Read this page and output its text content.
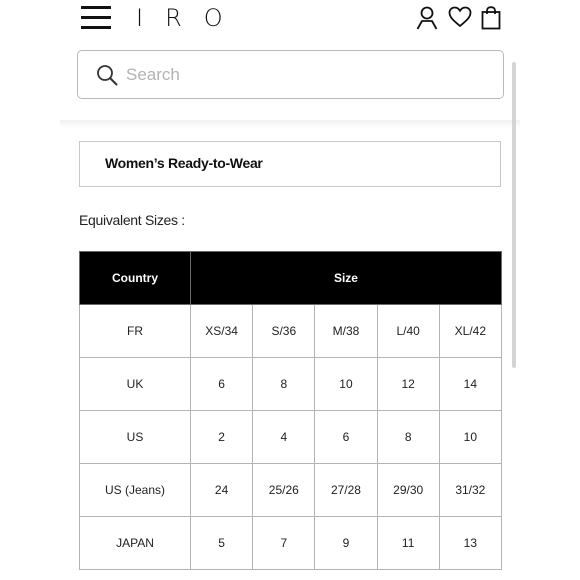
IRO
Search
Women’s Ready-to-Wear
Equivalent Sizes :
Country	Size				
FR	XS/34	S/36	M/38	L/40	XL/42
UK	6	8	10	12	14
US	2	4	6	8	10
US (Jeans)	24	25/26	27/28	29/30	31/32
JAPAN	5	7	9	11	13
